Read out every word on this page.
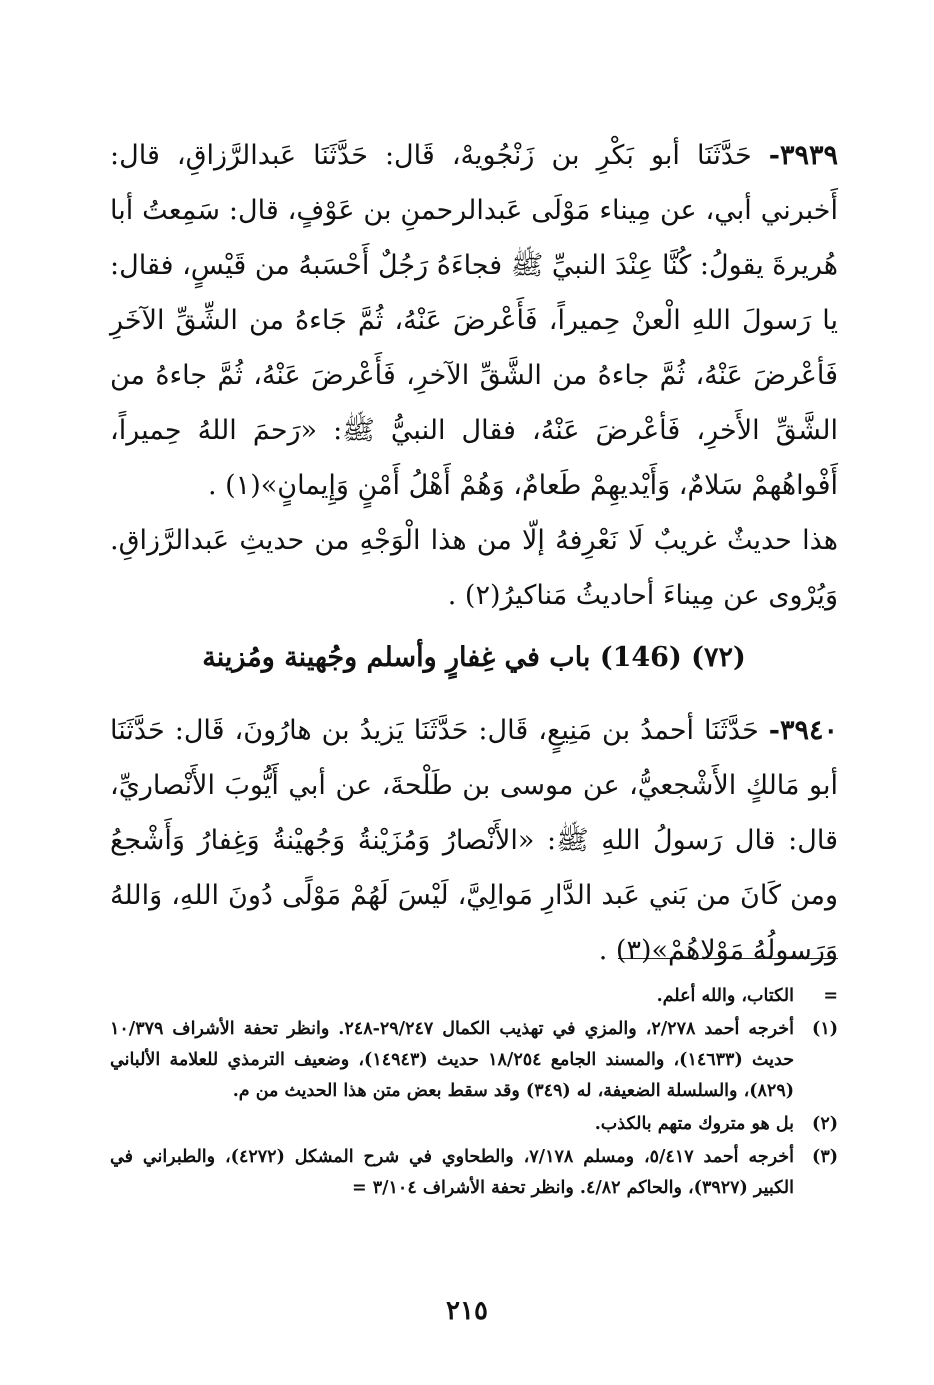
٣٩٣٩- حَدَّثَنَا أبو بَكْرِ بن زَنْجُويهْ، قَال: حَدَّثَنَا عَبدالرَّزاقِ، قال: أَخبرني أبي، عن مِيناء مَوْلَى عَبدالرحمنِ بن عَوْفٍ، قال: سَمِعتُ أبا هُريرةَ يقولُ: كُنَّا عِنْدَ النبيِّ ﷺ فجاءَهُ رَجُلٌ أَحْسَبهُ من قَيْسٍ، فقال: يا رَسولَ اللهِ الْعنْ حِميراً، فَأَعْرضَ عَنْهُ، ثُمَّ جَاءهُ من الشِّقِّ الآخَرِ فَأعْرضَ عَنْهُ، ثُمَّ جاءهُ من الشَّقِّ الآخرِ، فَأَعْرضَ عَنْهُ، ثُمَّ جاءهُ من الشَّقِّ الأَخرِ، فَأعْرضَ عَنْهُ، فقال النبيُّ ﷺ: «رَحمَ اللهُ حِميراً، أَفْواهُهمْ سَلامٌ، وَأَيْديهِمْ طَعامٌ، وَهُمْ أَهْلُ أَمْنٍ وَإِيمانٍ»(١) .

هذا حديثٌ غريبٌ لَا نَعْرِفهُ إلّا من هذا الْوَجْهِ من حديثِ عَبدالرَّزاقِ. وَيُرْوى عن مِيناءَ أحاديثُ مَناكيرُ(٢) .

(٧٢) (146) باب في غِفارٍ وأسلم وجُهينة ومُزينة

٣٩٤٠- حَدَّثَنَا أحمدُ بن مَنِيعٍ، قَال: حَدَّثَنَا يَزيدُ بن هارُونَ، قَال: حَدَّثَنَا أبو مَالكٍ الأَشْجعيُّ، عن موسى بن طَلْحةَ، عن أبي أَيُّوبَ الأَنْصاريِّ، قال: قال رَسولُ اللهِ ﷺ: «الأَنْصارُ وَمُزَيْنةُ وَجُهيْنةُ وَغِفارُ وَأَشْجعُ ومن كَانَ من بَني عَبد الدَّارِ مَوالِيَّ، لَيْسَ لَهُمْ مَوْلًى دُونَ اللهِ، وَاللهُ وَرَسولُهُ مَوْلاهُمْ»(٣) .

=
الكتاب، والله أعلم.
(١)
أخرجه أحمد ٢/٢٧٨، والمزي في تهذيب الكمال ٢٩/٢٤٧-٢٤٨. وانظر تحفة الأشراف ١٠/٣٧٩ حديث (١٤٦٣٣)، والمسند الجامع ١٨/٢٥٤ حديث (١٤٩٤٣)، وضعيف الترمذي للعلامة الألباني (٨٢٩)، والسلسلة الضعيفة، له (٣٤٩) وقد سقط بعض متن هذا الحديث من م.
(٢)
بل هو متروك متهم بالكذب.
(٣)
أخرجه أحمد ٥/٤١٧، ومسلم ٧/١٧٨، والطحاوي في شرح المشكل (٤٢٧٢)، والطبراني في الكبير (٣٩٢٧)، والحاكم ٤/٨٢. وانظر تحفة الأشراف ٣/١٠٤ =
٢١٥
